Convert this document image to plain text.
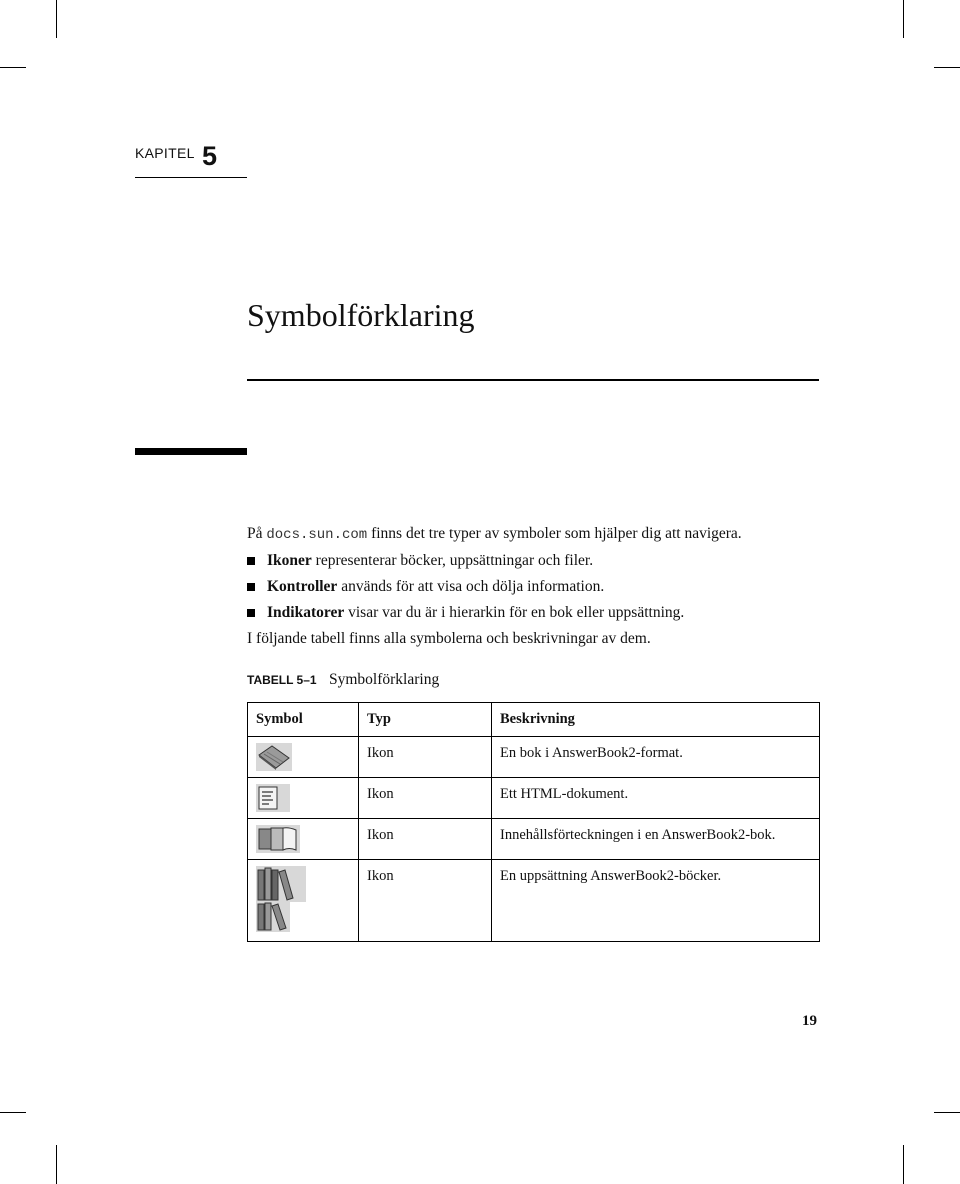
KAPITEL 5
Symbolförklaring

På docs.sun.com finns det tre typer av symboler som hjälper dig att navigera.

Ikoner representerar böcker, uppsättningar och filer.
Kontroller används för att visa och dölja information.
Indikatorer visar var du är i hierarkin för en bok eller uppsättning.

I följande tabell finns alla symbolerna och beskrivningar av dem.

TABELL 5–1 Symbolförklaring
Symbol	Typ	Beskrivning

	Ikon	En bok i AnswerBook2-format.

	Ikon	Ett HTML-dokument.

	Ikon	Innehållsförteckningen i en AnswerBook2-bok.

	Ikon	En uppsättning AnswerBook2-böcker.
19
